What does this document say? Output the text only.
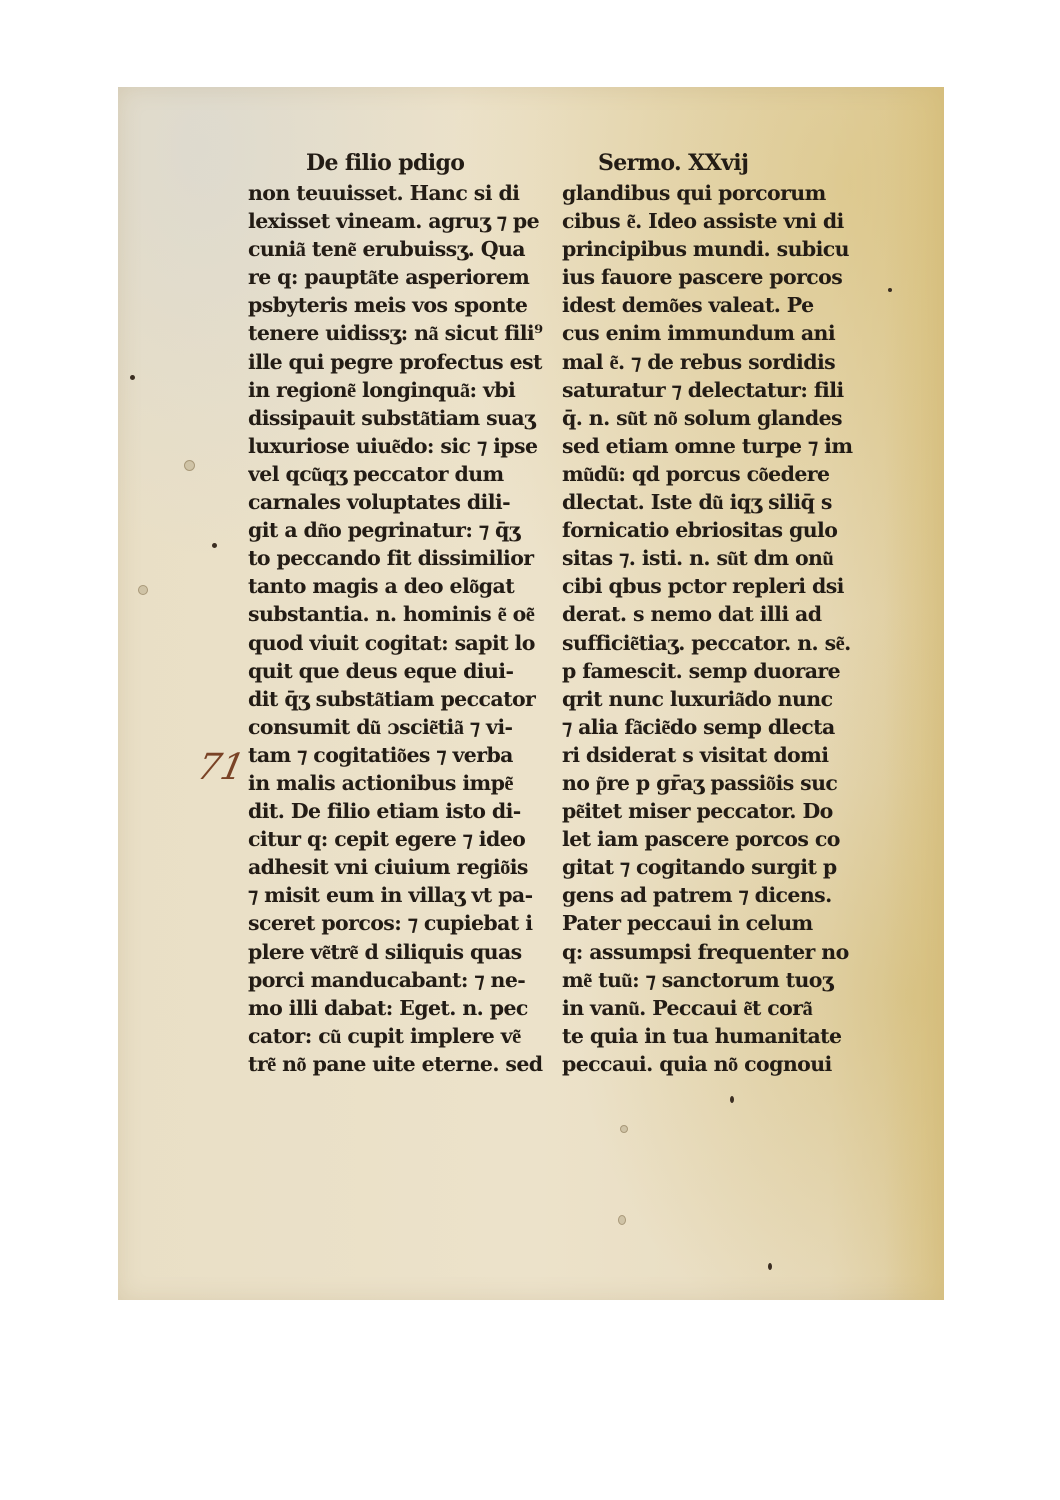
De filio pdigo
non teuuisset. Hanc si di
lexisset vineam. agruʒ ⁊ pe
cunia͂ tene͂ erubuissʒ. Qua
re q: paupta͂te asperiorem
psbyteris meis vos sponte
tenere uidissʒ: na͂ sicut fili⁹
ille qui pegre profectus est
in regione͂ longinqua͂: vbi
dissipauit substa͂tiam suaʒ
luxuriose uiue͂do: sic ⁊ ipse
vel qcu͂qʒ peccator dum
carnales voluptates dili-
git a dn͂o pegrinatur: ⁊ q̄ʒ
to peccando fit dissimilior
tanto magis a deo elo͂gat
substantia. n. hominis e͂ oe͂
quod viuit cogitat: sapit lo
quit que deus eque diui-
dit q̄ʒ substa͂tiam peccator
consumit du͂ ɔscie͂tia͂ ⁊ vi-
tam ⁊ cogitatio͂es ⁊ verba
in malis actionibus impe͂
dit. De filio etiam isto di-
citur q: cepit egere ⁊ ideo
adhesit vni ciuium regio͂is
⁊ misit eum in villaʒ vt pa-
sceret porcos: ⁊ cupiebat i
plere ve͂tre͂ d siliquis quas
porci manducabant: ⁊ ne-
mo illi dabat: Eget. n. pec
cator: cu͂ cupit implere ve͂
tre͂ no͂ pane uite eterne. sed
Sermo. XXvij
glandibus qui porcorum
cibus e͂. Ideo assiste vni di
principibus mundi. subicu
ius fauore pascere porcos
idest demo͂es valeat. Pe
cus enim immundum ani
mal e͂. ⁊ de rebus sordidis
saturatur ⁊ delectatur: fili
q̄. n. su͂t no͂ solum glandes
sed etiam omne turpe ⁊ im
mu͂du͂: qd porcus co͂edere
dlectat. Iste du͂ iqʒ siliq̄ s
fornicatio ebriositas gulo
sitas ⁊. isti. n. su͂t dm onu͂
cibi qbus pctor repleri dsi
derat. s nemo dat illi ad
sufficie͂tiaʒ. peccator. n. se͂.
p famescit. semp duorare
qrit nunc luxuria͂do nunc
⁊ alia fa͂cie͂do semp dlecta
ri dsiderat s visitat domi
no p͂re p gr̄aʒ passio͂is suc
pe͂itet miser peccator. Do
let iam pascere porcos co
gitat ⁊ cogitando surgit p
gens ad patrem ⁊ dicens.
Pater peccaui in celum
q: assumpsi frequenter no
me͂ tuu͂: ⁊ sanctorum tuoʒ
in vanu͂. Peccaui e͂t cora͂
te quia in tua humanitate
peccaui. quia no͂ cognoui
71
